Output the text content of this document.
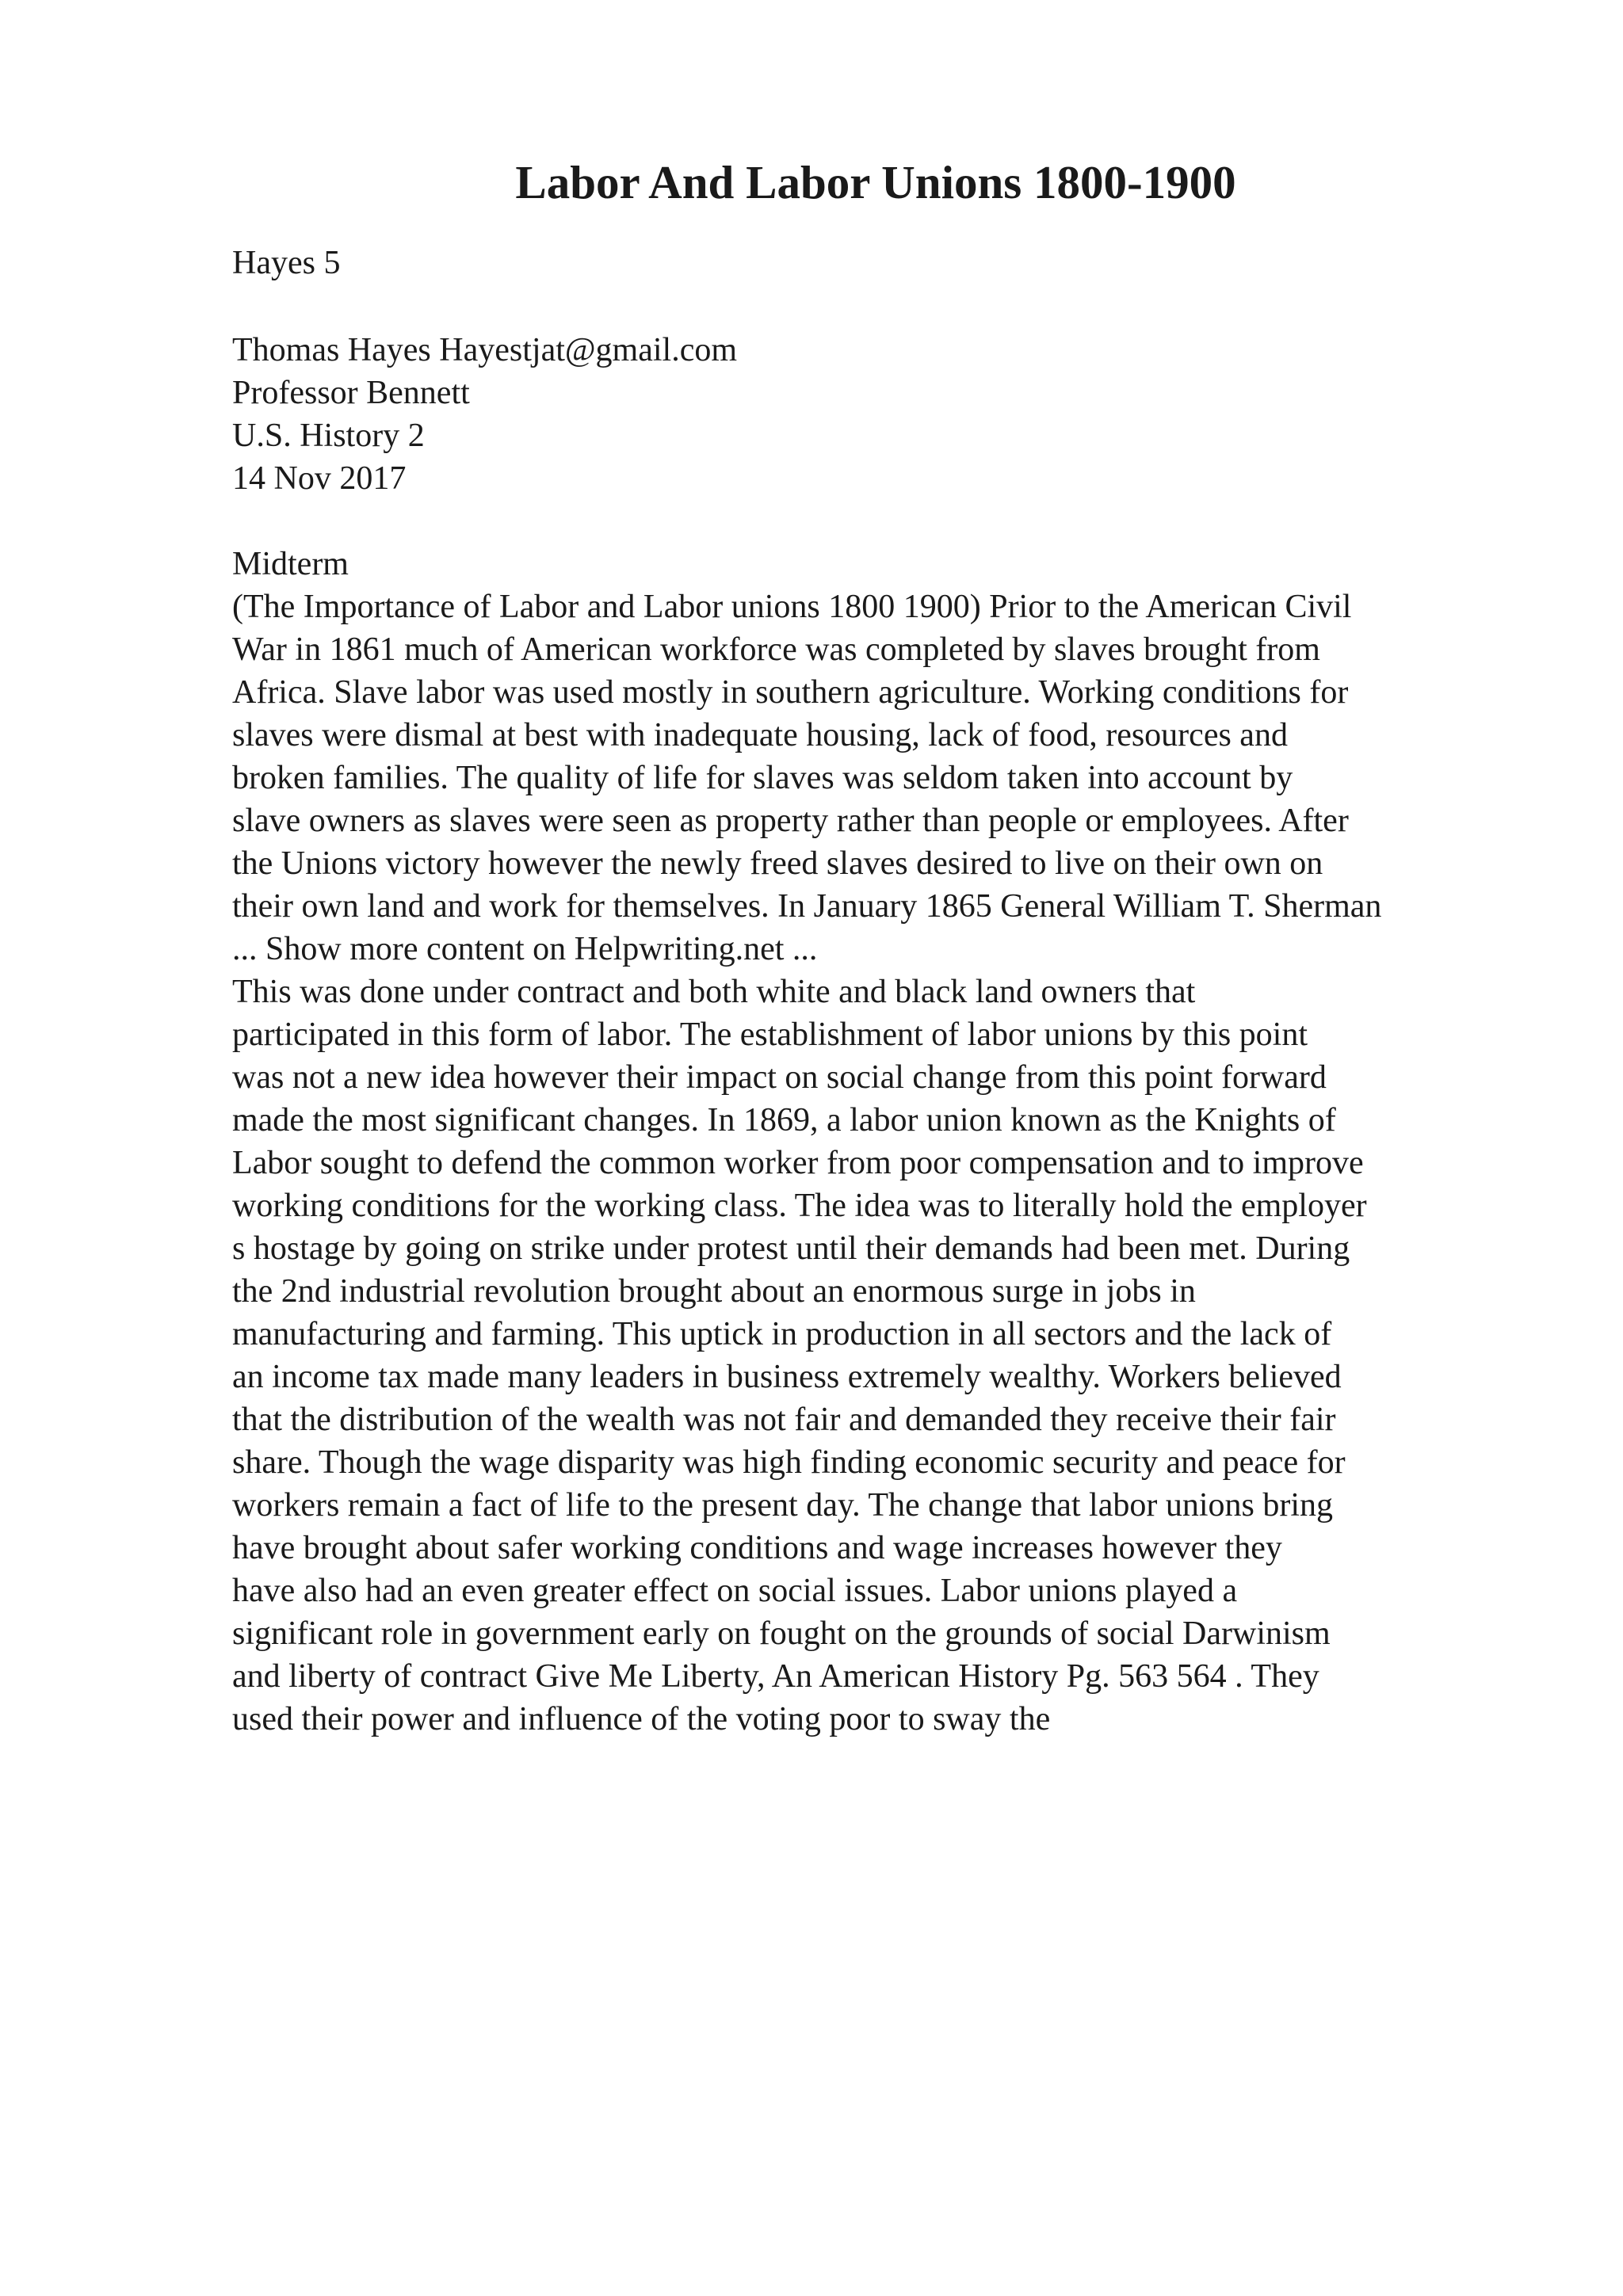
Labor And Labor Unions 1800-1900
Hayes 5
Thomas Hayes Hayestjat@gmail.com
Professor Bennett
U.S. History 2
14 Nov 2017
Midterm
(The Importance of Labor and Labor unions 1800 1900) Prior to the American Civil
War in 1861 much of American workforce was completed by slaves brought from
Africa. Slave labor was used mostly in southern agriculture. Working conditions for
slaves were dismal at best with inadequate housing, lack of food, resources and
broken families. The quality of life for slaves was seldom taken into account by
slave owners as slaves were seen as property rather than people or employees. After
the Unions victory however the newly freed slaves desired to live on their own on
their own land and work for themselves. In January 1865 General William T. Sherman
... Show more content on Helpwriting.net ...
This was done under contract and both white and black land owners that
participated in this form of labor. The establishment of labor unions by this point
was not a new idea however their impact on social change from this point forward
made the most significant changes. In 1869, a labor union known as the Knights of
Labor sought to defend the common worker from poor compensation and to improve
working conditions for the working class. The idea was to literally hold the employer
s hostage by going on strike under protest until their demands had been met. During
the 2nd industrial revolution brought about an enormous surge in jobs in
manufacturing and farming. This uptick in production in all sectors and the lack of
an income tax made many leaders in business extremely wealthy. Workers believed
that the distribution of the wealth was not fair and demanded they receive their fair
share. Though the wage disparity was high finding economic security and peace for
workers remain a fact of life to the present day. The change that labor unions bring
have brought about safer working conditions and wage increases however they
have also had an even greater effect on social issues. Labor unions played a
significant role in government early on fought on the grounds of social Darwinism
and liberty of contract Give Me Liberty, An American History Pg. 563 564 . They
used their power and influence of the voting poor to sway the
